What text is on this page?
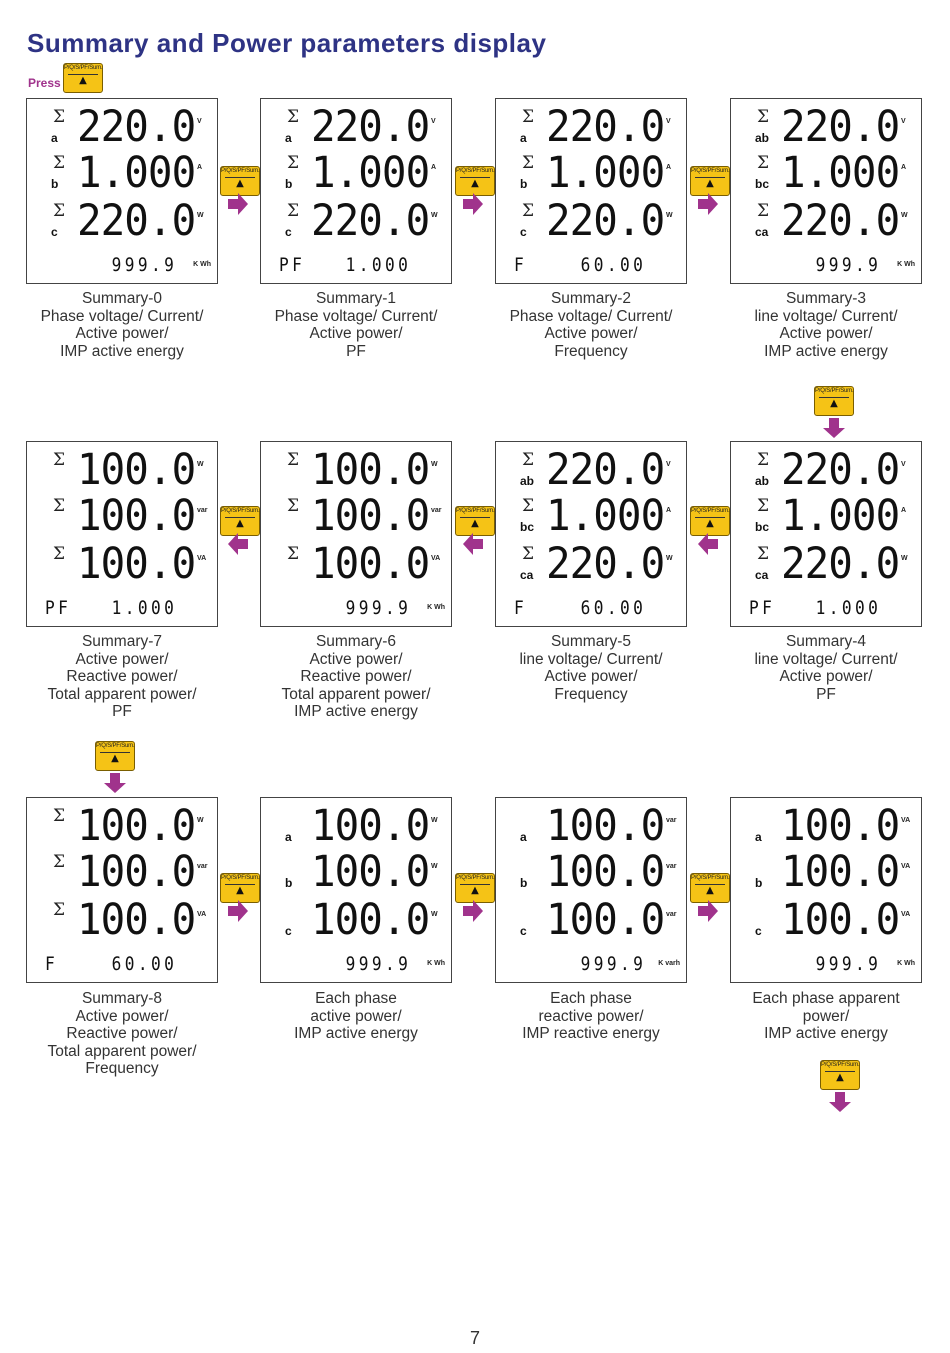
Summary and Power parameters display
Press
Σ
a 220.0 V
Σ
b 1.000 A
Σ
c 220.0 W
999.9 K Wh
Summary-0
Phase voltage/ Current/
Active power/
IMP active energy
Σ
a 220.0 V
Σ
b 1.000 A
Σ
c 220.0 W
PF 1.000
Summary-1
Phase voltage/ Current/
Active power/
PF
Σ
a 220.0 V
Σ
b 1.000 A
Σ
c 220.0 W
F	60.00
Summary-2
Phase voltage/ Current/
Active power/
Frequency
Σ
ab 220.0 V
Σ
bc 1.000 A
Σ
ca 220.0 W
999.9 K Wh
Summary-3
line voltage/ Current/
Active power/
IMP active energy
Σ 100.0 W
Σ 100.0 var
Σ 100.0 VA
PF 1.000
Summary-7
Active power/
Reactive power/
Total apparent power/
PF
Σ 100.0 W
Σ 100.0 var
Σ 100.0 VA
999.9 K Wh
Summary-6
Active power/
Reactive power/
Total apparent power/
IMP active energy
Σ
ab 220.0 V
Σ
bc 1.000 A
Σ
ca 220.0 W
F	60.00
Summary-5
line voltage/ Current/
Active power/
Frequency
Σ
ab 220.0 V
Σ
bc 1.000 A
Σ
ca 220.0 W
PF 1.000
Summary-4
line voltage/ Current/
Active power/
PF
Σ 100.0 W
Σ 100.0 var
Σ 100.0 VA
F	60.00
Summary-8
Active power/
Reactive power/
Total apparent power/
Frequency
a 100.0 W
b 100.0 W
c 100.0 W
999.9 K Wh
Each phase
active power/
IMP active energy
a 100.0 var
b 100.0 var
c 100.0 var
999.9 K varh
Each phase
reactive power/
IMP reactive energy
a 100.0 VA
b 100.0 VA
c 100.0 VA
999.9 K Wh
Each phase apparent
power/
IMP active energy
7
P/Q/S/PF/Sum.
▲
P/Q/S/PF/Sum.
▲
P/Q/S/PF/Sum.
▲
P/Q/S/PF/Sum.
▲
P/Q/S/PF/Sum.
▲
P/Q/S/PF/Sum.
▲
P/Q/S/PF/Sum.
▲
P/Q/S/PF/Sum.
▲
P/Q/S/PF/Sum.
▲
P/Q/S/PF/Sum.
▲
P/Q/S/PF/Sum.
▲
P/Q/S/PF/Sum.
▲
P/Q/S/PF/Sum.
▲
